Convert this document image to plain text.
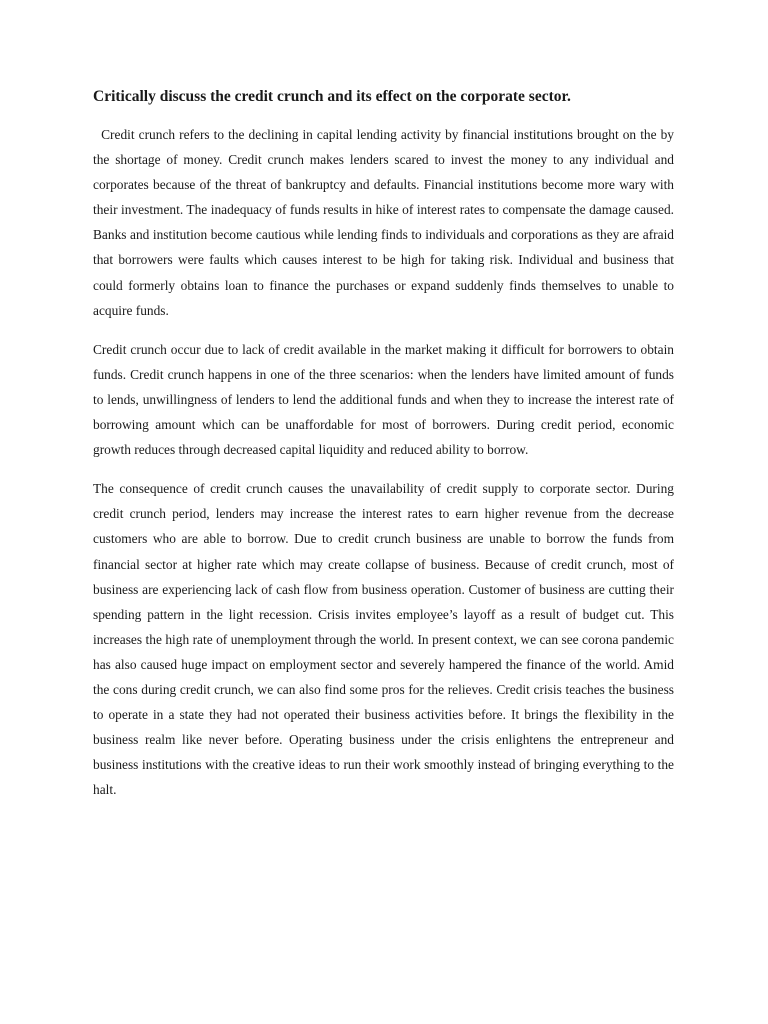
Critically discuss the credit crunch and its effect on the corporate sector.

Credit crunch refers to the declining in capital lending activity by financial institutions brought on the by the shortage of money. Credit crunch makes lenders scared to invest the money to any individual and corporates because of the threat of bankruptcy and defaults. Financial institutions become more wary with their investment. The inadequacy of funds results in hike of interest rates to compensate the damage caused.  Banks and institution become cautious while lending finds to individuals and corporations as they are afraid that borrowers were faults which causes interest to be high for taking risk. Individual and business that could formerly obtains loan to finance the purchases or expand suddenly finds themselves to unable to acquire funds.

Credit crunch occur due to lack of credit available in the market making it difficult for borrowers to obtain funds. Credit crunch happens in one of the three scenarios: when the lenders have limited amount of funds to lends, unwillingness of lenders to lend the additional funds and when they to increase the interest rate of borrowing amount which can be unaffordable for most of borrowers. During credit period, economic growth reduces through decreased capital liquidity and reduced ability to borrow.

The consequence of credit crunch causes the unavailability of credit supply to corporate sector. During credit crunch period, lenders may increase the interest rates to earn higher revenue from the decrease customers who are able to borrow. Due to credit crunch business are unable to borrow the funds from financial sector at higher rate which may create collapse of business. Because of credit crunch, most of business are experiencing lack of cash flow from business operation. Customer of business are cutting their spending pattern in the light recession. Crisis invites employee’s layoff as a result of budget cut. This increases the high rate of unemployment through the world. In present context, we can see corona pandemic has also caused huge impact on employment sector and severely hampered the finance of the world. Amid the cons during credit crunch, we can also find some pros for the relieves. Credit crisis teaches the business to operate in a state they had not operated their business activities before. It brings the flexibility in the business realm like never before. Operating business under the crisis enlightens the entrepreneur and business institutions with the creative ideas to run their work smoothly instead of bringing everything to the halt.
